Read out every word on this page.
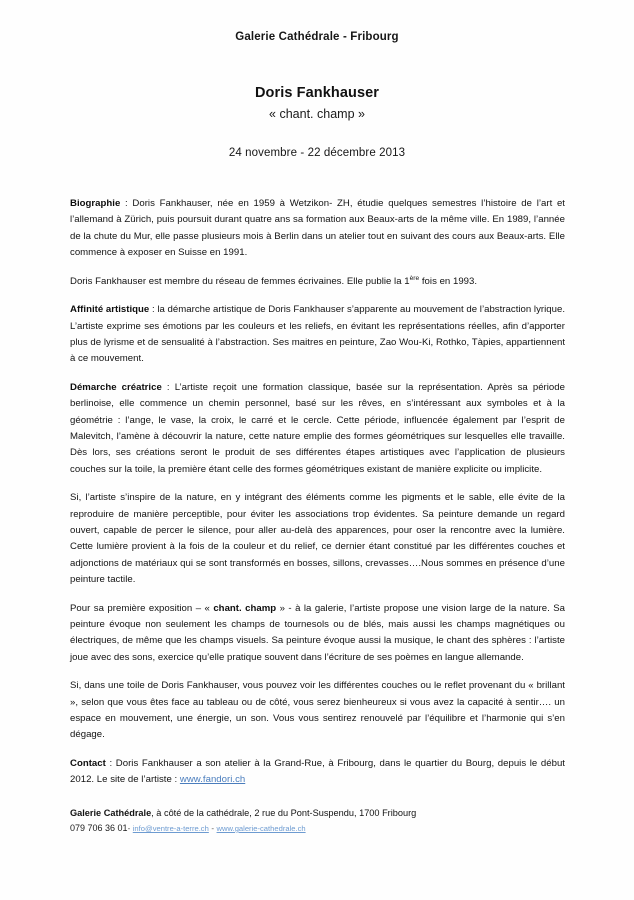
Galerie Cathédrale - Fribourg
Doris Fankhauser
« chant. champ »
24 novembre - 22 décembre 2013

Biographie : Doris Fankhauser, née en 1959 à Wetzikon- ZH, étudie quelques semestres l’histoire de l’art et l’allemand à Zürich, puis poursuit durant quatre ans sa formation aux Beaux-arts de la même ville. En 1989, l’année de la chute du Mur, elle passe plusieurs mois à Berlin dans un atelier tout en suivant des cours aux Beaux-arts. Elle commence à exposer en Suisse en 1991.

Doris Fankhauser est membre du réseau de femmes écrivaines. Elle publie la 1ère fois en 1993.

Affinité artistique : la démarche artistique de Doris Fankhauser s’apparente au mouvement de l’abstraction lyrique. L’artiste exprime ses émotions par les couleurs et les reliefs, en évitant les représentations réelles, afin d’apporter plus de lyrisme et de sensualité à l’abstraction. Ses maitres en peinture, Zao Wou-Ki, Rothko, Tàpies, appartiennent à ce mouvement.

Démarche créatrice : L’artiste reçoit une formation classique, basée sur la représentation. Après sa période berlinoise, elle commence un chemin personnel, basé sur les rêves, en s’intéressant aux symboles et à la géométrie : l’ange, le vase, la croix, le carré et le cercle. Cette période, influencée également par l’esprit de Malevitch, l’amène à découvrir la nature, cette nature emplie des formes géométriques sur lesquelles elle travaille. Dès lors, ses créations seront le produit de ses différentes étapes artistiques avec l’application de plusieurs couches sur la toile, la première étant celle des formes géométriques existant de manière explicite ou implicite.

Si, l’artiste s’inspire de la nature, en y intégrant des éléments comme les pigments et le sable, elle évite de la reproduire de manière perceptible, pour éviter les associations trop évidentes. Sa peinture demande un regard ouvert, capable de percer le silence, pour aller au-delà des apparences, pour oser la rencontre avec la lumière. Cette lumière provient à la fois de la couleur et du relief, ce dernier étant constitué par les différentes couches et adjonctions de matériaux qui se sont transformés en bosses, sillons, crevasses….Nous sommes en présence d’une peinture tactile.

Pour sa première exposition – « chant. champ » - à la galerie, l’artiste propose une vision large de la nature. Sa peinture évoque non seulement les champs de tournesols ou de blés, mais aussi les champs magnétiques ou électriques, de même que les champs visuels. Sa peinture évoque aussi la musique, le chant des sphères : l’artiste joue avec des sons, exercice qu’elle pratique souvent dans l’écriture de ses poèmes en langue allemande.

Si, dans une toile de Doris Fankhauser, vous pouvez voir les différentes couches ou le reflet provenant du « brillant », selon que vous êtes face au tableau ou de côté, vous serez bienheureux si vous avez la capacité à sentir…. un espace en mouvement, une énergie, un son. Vous vous sentirez renouvelé par l’équilibre et l’harmonie qui s’en dégage.

Contact : Doris Fankhauser a son atelier à la Grand-Rue, à Fribourg, dans le quartier du Bourg, depuis le début 2012. Le site de l’artiste : www.fandori.ch

Galerie Cathédrale, à côté de la cathédrale, 2 rue du Pont-Suspendu, 1700 Fribourg
079 706 36 01- info@ventre-a-terre.ch - www.galerie-cathedrale.ch
